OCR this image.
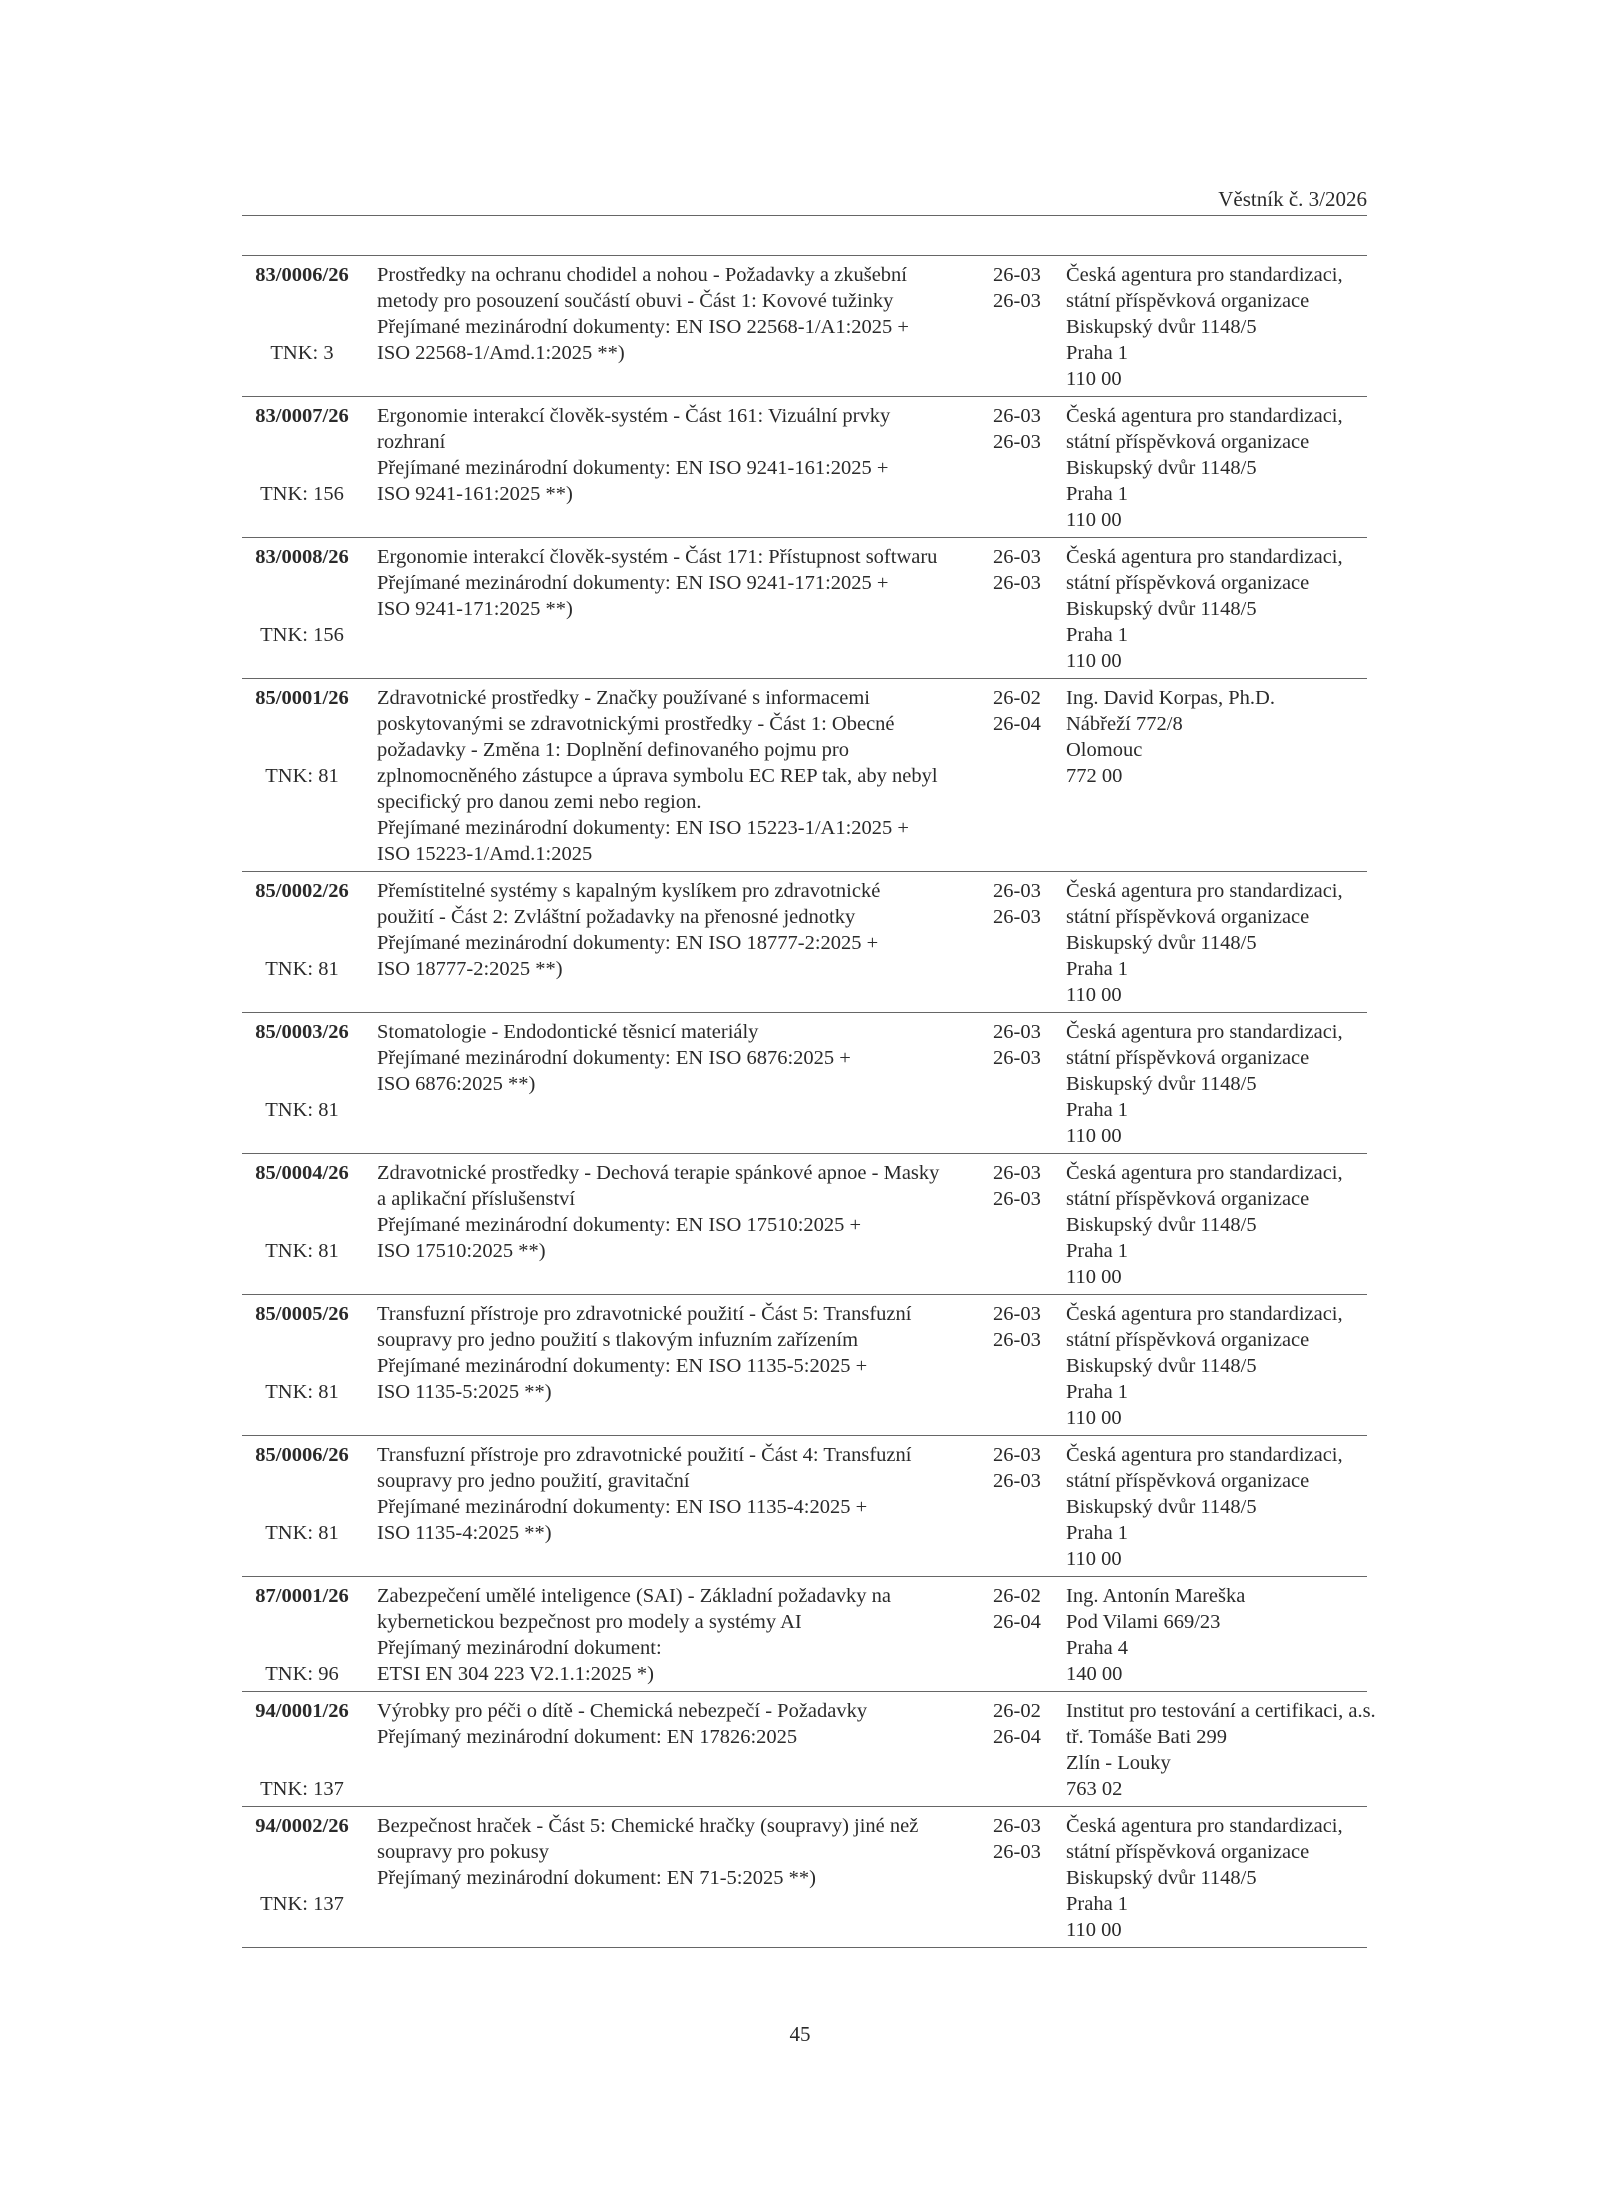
Věstník č. 3/2026
83/0006/26
TNK: 3
Prostředky na ochranu chodidel a nohou - Požadavky a zkušební
metody pro posouzení součástí obuvi - Část 1: Kovové tužinky
Přejímané mezinárodní dokumenty: EN ISO 22568-1/A1:2025 +
ISO 22568-1/Amd.1:2025 **)
26-03
26-03
Česká agentura pro standardizaci,
státní příspěvková organizace
Biskupský dvůr 1148/5
Praha 1
110 00
83/0007/26
TNK: 156
Ergonomie interakcí člověk-systém - Část 161: Vizuální prvky
rozhraní
Přejímané mezinárodní dokumenty: EN ISO 9241-161:2025 +
ISO 9241-161:2025 **)
26-03
26-03
Česká agentura pro standardizaci,
státní příspěvková organizace
Biskupský dvůr 1148/5
Praha 1
110 00
83/0008/26
TNK: 156
Ergonomie interakcí člověk-systém - Část 171: Přístupnost softwaru
Přejímané mezinárodní dokumenty: EN ISO 9241-171:2025 +
ISO 9241-171:2025 **)
26-03
26-03
Česká agentura pro standardizaci,
státní příspěvková organizace
Biskupský dvůr 1148/5
Praha 1
110 00
85/0001/26
TNK: 81
Zdravotnické prostředky - Značky používané s informacemi
poskytovanými se zdravotnickými prostředky - Část 1: Obecné
požadavky - Změna 1: Doplnění definovaného pojmu pro
zplnomocněného zástupce a úprava symbolu EC REP tak, aby nebyl
specifický pro danou zemi nebo region.
Přejímané mezinárodní dokumenty: EN ISO 15223-1/A1:2025 +
ISO 15223-1/Amd.1:2025
26-02
26-04
Ing. David Korpas, Ph.D.
Nábřeží 772/8
Olomouc
772 00
85/0002/26
TNK: 81
Přemístitelné systémy s kapalným kyslíkem pro zdravotnické
použití - Část 2: Zvláštní požadavky na přenosné jednotky
Přejímané mezinárodní dokumenty: EN ISO 18777-2:2025 +
ISO 18777-2:2025 **)
26-03
26-03
Česká agentura pro standardizaci,
státní příspěvková organizace
Biskupský dvůr 1148/5
Praha 1
110 00
85/0003/26
TNK: 81
Stomatologie - Endodontické těsnicí materiály
Přejímané mezinárodní dokumenty: EN ISO 6876:2025 +
ISO 6876:2025 **)
26-03
26-03
Česká agentura pro standardizaci,
státní příspěvková organizace
Biskupský dvůr 1148/5
Praha 1
110 00
85/0004/26
TNK: 81
Zdravotnické prostředky - Dechová terapie spánkové apnoe - Masky
a aplikační příslušenství
Přejímané mezinárodní dokumenty: EN ISO 17510:2025 +
ISO 17510:2025 **)
26-03
26-03
Česká agentura pro standardizaci,
státní příspěvková organizace
Biskupský dvůr 1148/5
Praha 1
110 00
85/0005/26
TNK: 81
Transfuzní přístroje pro zdravotnické použití - Část 5: Transfuzní
soupravy pro jedno použití s tlakovým infuzním zařízením
Přejímané mezinárodní dokumenty: EN ISO 1135-5:2025 +
ISO 1135-5:2025 **)
26-03
26-03
Česká agentura pro standardizaci,
státní příspěvková organizace
Biskupský dvůr 1148/5
Praha 1
110 00
85/0006/26
TNK: 81
Transfuzní přístroje pro zdravotnické použití - Část 4: Transfuzní
soupravy pro jedno použití, gravitační
Přejímané mezinárodní dokumenty: EN ISO 1135-4:2025 +
ISO 1135-4:2025 **)
26-03
26-03
Česká agentura pro standardizaci,
státní příspěvková organizace
Biskupský dvůr 1148/5
Praha 1
110 00
87/0001/26
TNK: 96
Zabezpečení umělé inteligence (SAI) - Základní požadavky na
kybernetickou bezpečnost pro modely a systémy AI
Přejímaný mezinárodní dokument:
ETSI EN 304 223 V2.1.1:2025 *)
26-02
26-04
Ing. Antonín Mareška
Pod Vilami 669/23
Praha 4
140 00
94/0001/26
TNK: 137
Výrobky pro péči o dítě - Chemická nebezpečí - Požadavky
Přejímaný mezinárodní dokument: EN 17826:2025
26-02
26-04
Institut pro testování a certifikaci, a.s.
tř. Tomáše Bati 299
Zlín - Louky
763 02
94/0002/26
TNK: 137
Bezpečnost hraček - Část 5: Chemické hračky (soupravy) jiné než
soupravy pro pokusy
Přejímaný mezinárodní dokument: EN 71-5:2025 **)
26-03
26-03
Česká agentura pro standardizaci,
státní příspěvková organizace
Biskupský dvůr 1148/5
Praha 1
110 00
45
